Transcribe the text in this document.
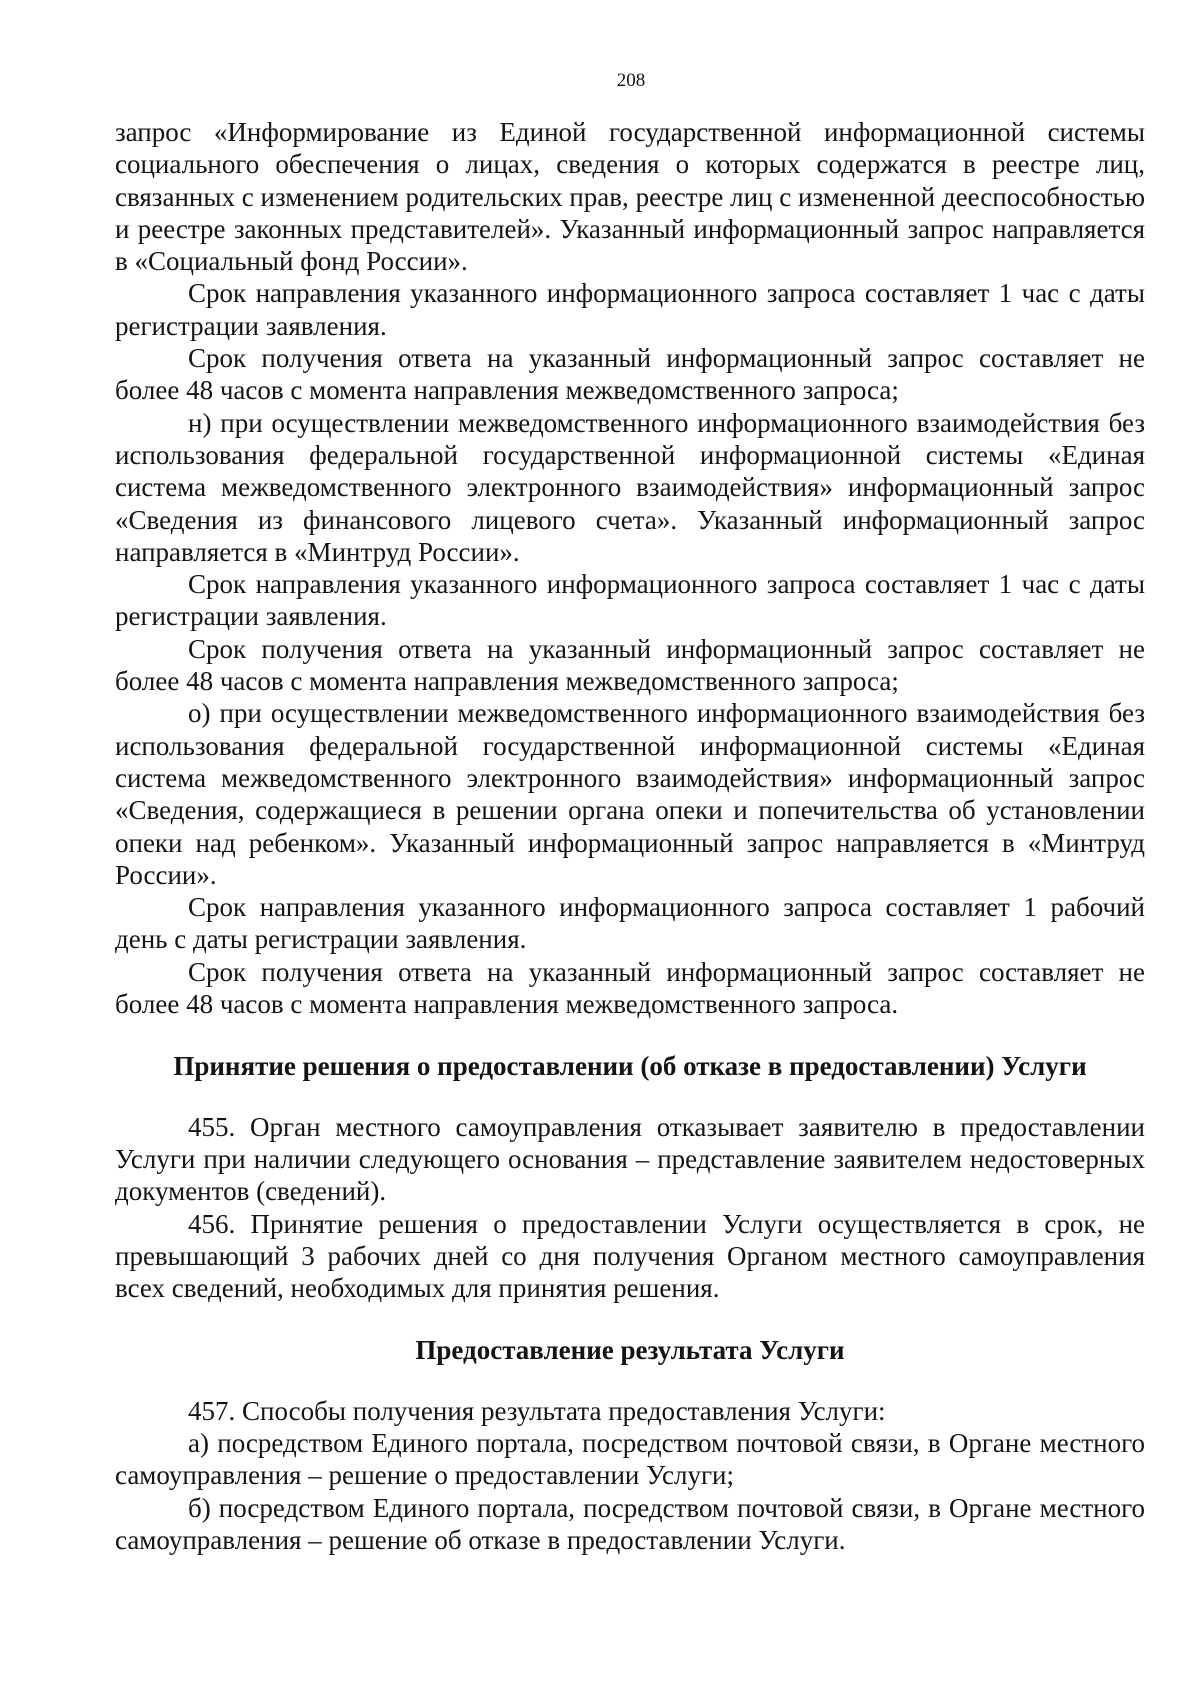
208

запрос «Информирование из Единой государственной информационной системы социального обеспечения о лицах, сведения о которых содержатся в реестре лиц, связанных с изменением родительских прав, реестре лиц с измененной дееспособностью и реестре законных представителей». Указанный информационный запрос направляется в «Социальный фонд России».

Срок направления указанного информационного запроса составляет 1 час с даты регистрации заявления.

Срок получения ответа на указанный информационный запрос составляет не более 48 часов с момента направления межведомственного запроса;

н) при осуществлении межведомственного информационного взаимодействия без использования федеральной государственной информационной системы «Единая система межведомственного электронного взаимодействия» информационный запрос «Сведения из финансового лицевого счета». Указанный информационный запрос направляется в «Минтруд России».

Срок направления указанного информационного запроса составляет 1 час с даты регистрации заявления.

Срок получения ответа на указанный информационный запрос составляет не более 48 часов с момента направления межведомственного запроса;

о) при осуществлении межведомственного информационного взаимодействия без использования федеральной государственной информационной системы «Единая система межведомственного электронного взаимодействия» информационный запрос «Сведения, содержащиеся в решении органа опеки и попечительства об установлении опеки над ребенком». Указанный информационный запрос направляется в «Минтруд России».

Срок направления указанного информационного запроса составляет 1 рабочий день с даты регистрации заявления.

Срок получения ответа на указанный информационный запрос составляет не более 48 часов с момента направления межведомственного запроса.

Принятие решения о предоставлении (об отказе в предоставлении) Услуги

455. Орган местного самоуправления отказывает заявителю в предоставлении Услуги при наличии следующего основания – представление заявителем недостоверных документов (сведений).

456. Принятие решения о предоставлении Услуги осуществляется в срок, не превышающий 3 рабочих дней со дня получения Органом местного самоуправления всех сведений, необходимых для принятия решения.

Предоставление результата Услуги

457. Способы получения результата предоставления Услуги:

а) посредством Единого портала, посредством почтовой связи, в Органе местного самоуправления – решение о предоставлении Услуги;

б) посредством Единого портала, посредством почтовой связи, в Органе местного самоуправления – решение об отказе в предоставлении Услуги.
